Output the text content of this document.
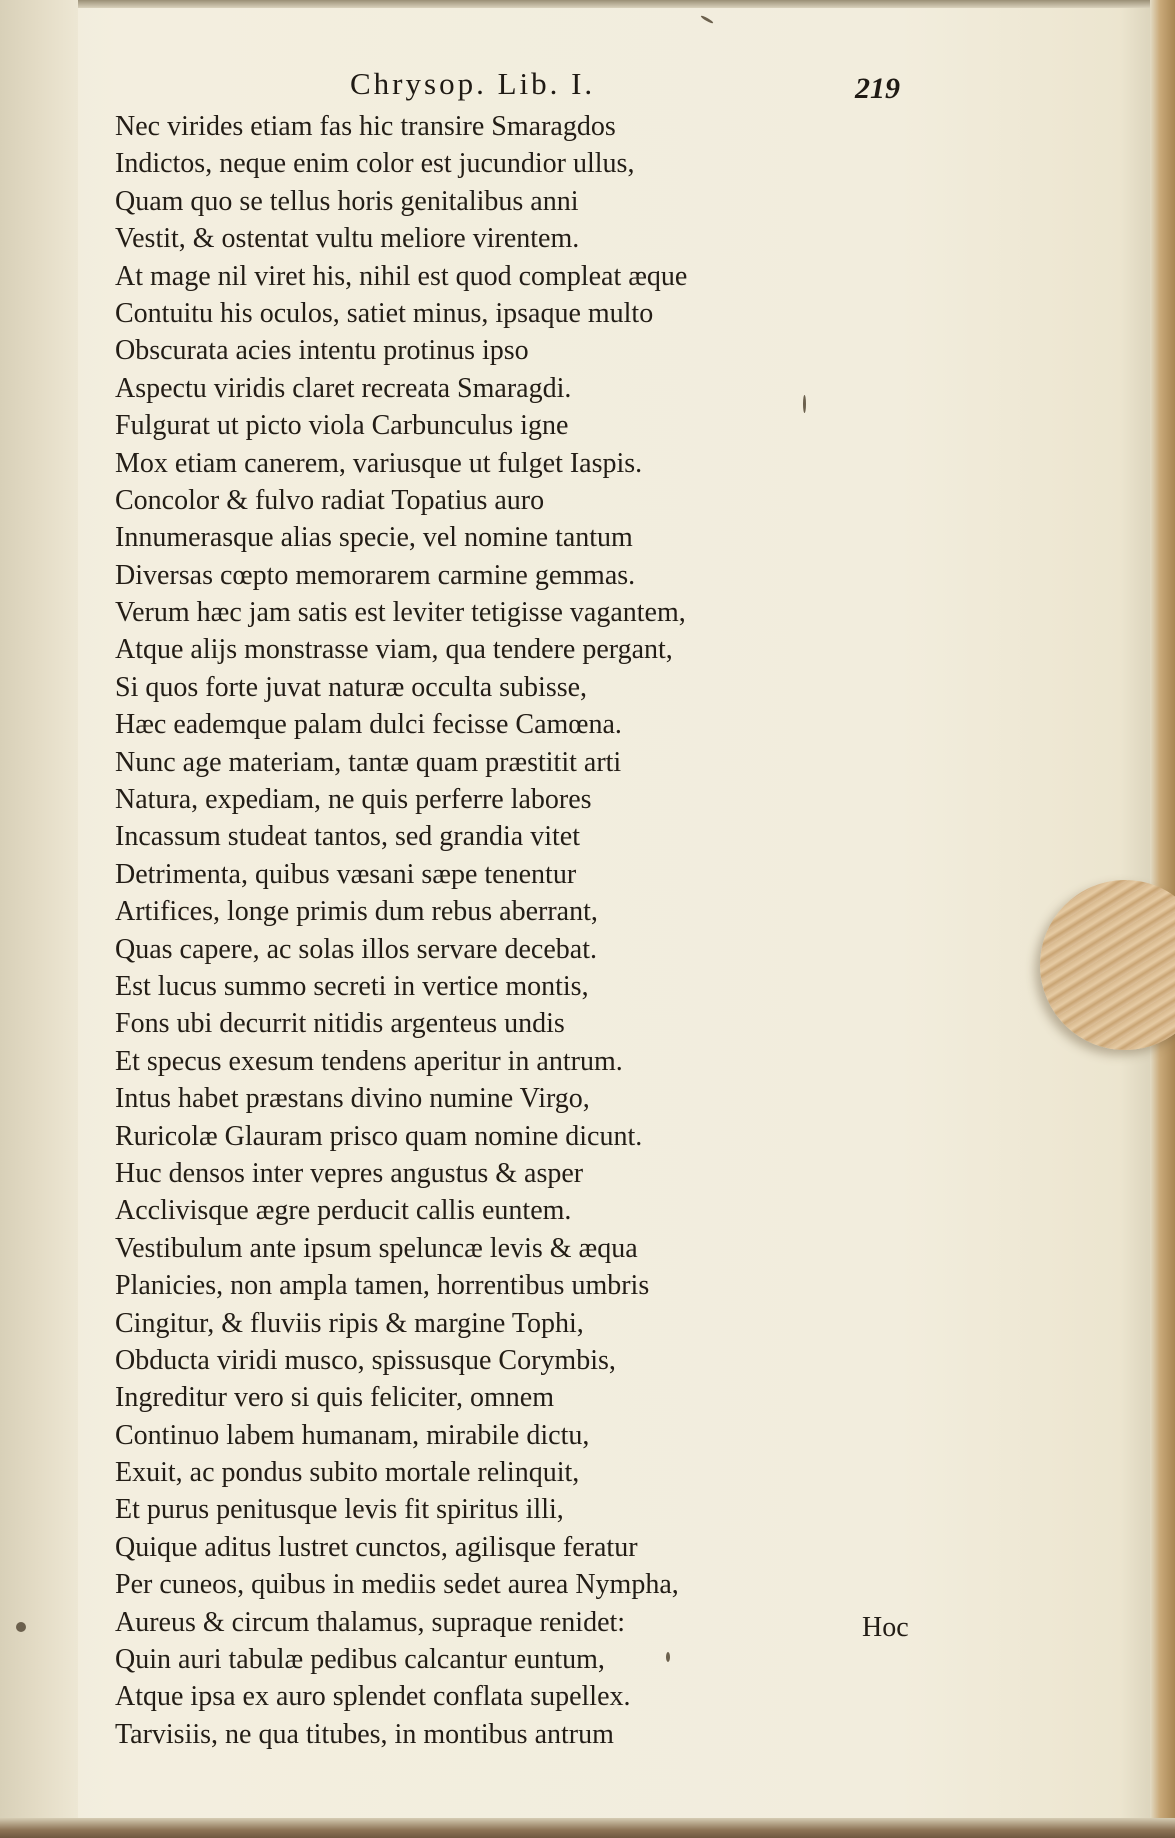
Chrysop. Lib. I.	219
Nec virides etiam fas hic transire Smaragdos
Indictos, neque enim color est jucundior ullus,
Quam quo se tellus horis genitalibus anni
Vestit, & ostentat vultu meliore virentem.
At mage nil viret his, nihil est quod compleat æque
Contuitu his oculos, satiet minus, ipsaque multo
Obscurata acies intentu protinus ipso
Aspectu viridis claret recreata Smaragdi.
Fulgurat ut picto viola Carbunculus igne
Mox etiam canerem, variusque ut fulget Iaspis.
Concolor & fulvo radiat Topatius auro
Innumerasque alias specie, vel nomine tantum
Diversas cœpto memorarem carmine gemmas.
Verum hæc jam satis est leviter tetigisse vagantem,
Atque alijs monstrasse viam, qua tendere pergant,
Si quos forte juvat naturæ occulta subisse,
Hæc eademque palam dulci fecisse Camœna.
Nunc age materiam, tantæ quam præstitit arti
Natura, expediam, ne quis perferre labores
Incassum studeat tantos, sed grandia vitet
Detrimenta, quibus væsani sæpe tenentur
Artifices, longe primis dum rebus aberrant,
Quas capere, ac solas illos servare decebat.
Est lucus summo secreti in vertice montis,
Fons ubi decurrit nitidis argenteus undis
Et specus exesum tendens aperitur in antrum.
Intus habet præstans divino numine Virgo,
Ruricolæ Glauram prisco quam nomine dicunt.
Huc densos inter vepres angustus & asper
Acclivisque ægre perducit callis euntem.
Vestibulum ante ipsum speluncæ levis & æqua
Planicies, non ampla tamen, horrentibus umbris
Cingitur, & fluviis ripis & margine Tophi,
Obducta viridi musco, spissusque Corymbis,
Ingreditur vero si quis feliciter, omnem
Continuo labem humanam, mirabile dictu,
Exuit, ac pondus subito mortale relinquit,
Et purus penitusque levis fit spiritus illi,
Quique aditus lustret cunctos, agilisque feratur
Per cuneos, quibus in mediis sedet aurea Nympha,
Aureus & circum thalamus, supraque renidet:
Quin auri tabulæ pedibus calcantur euntum,
Atque ipsa ex auro splendet conflata supellex.
Tarvisiis, ne qua titubes, in montibus antrum
Hoc
